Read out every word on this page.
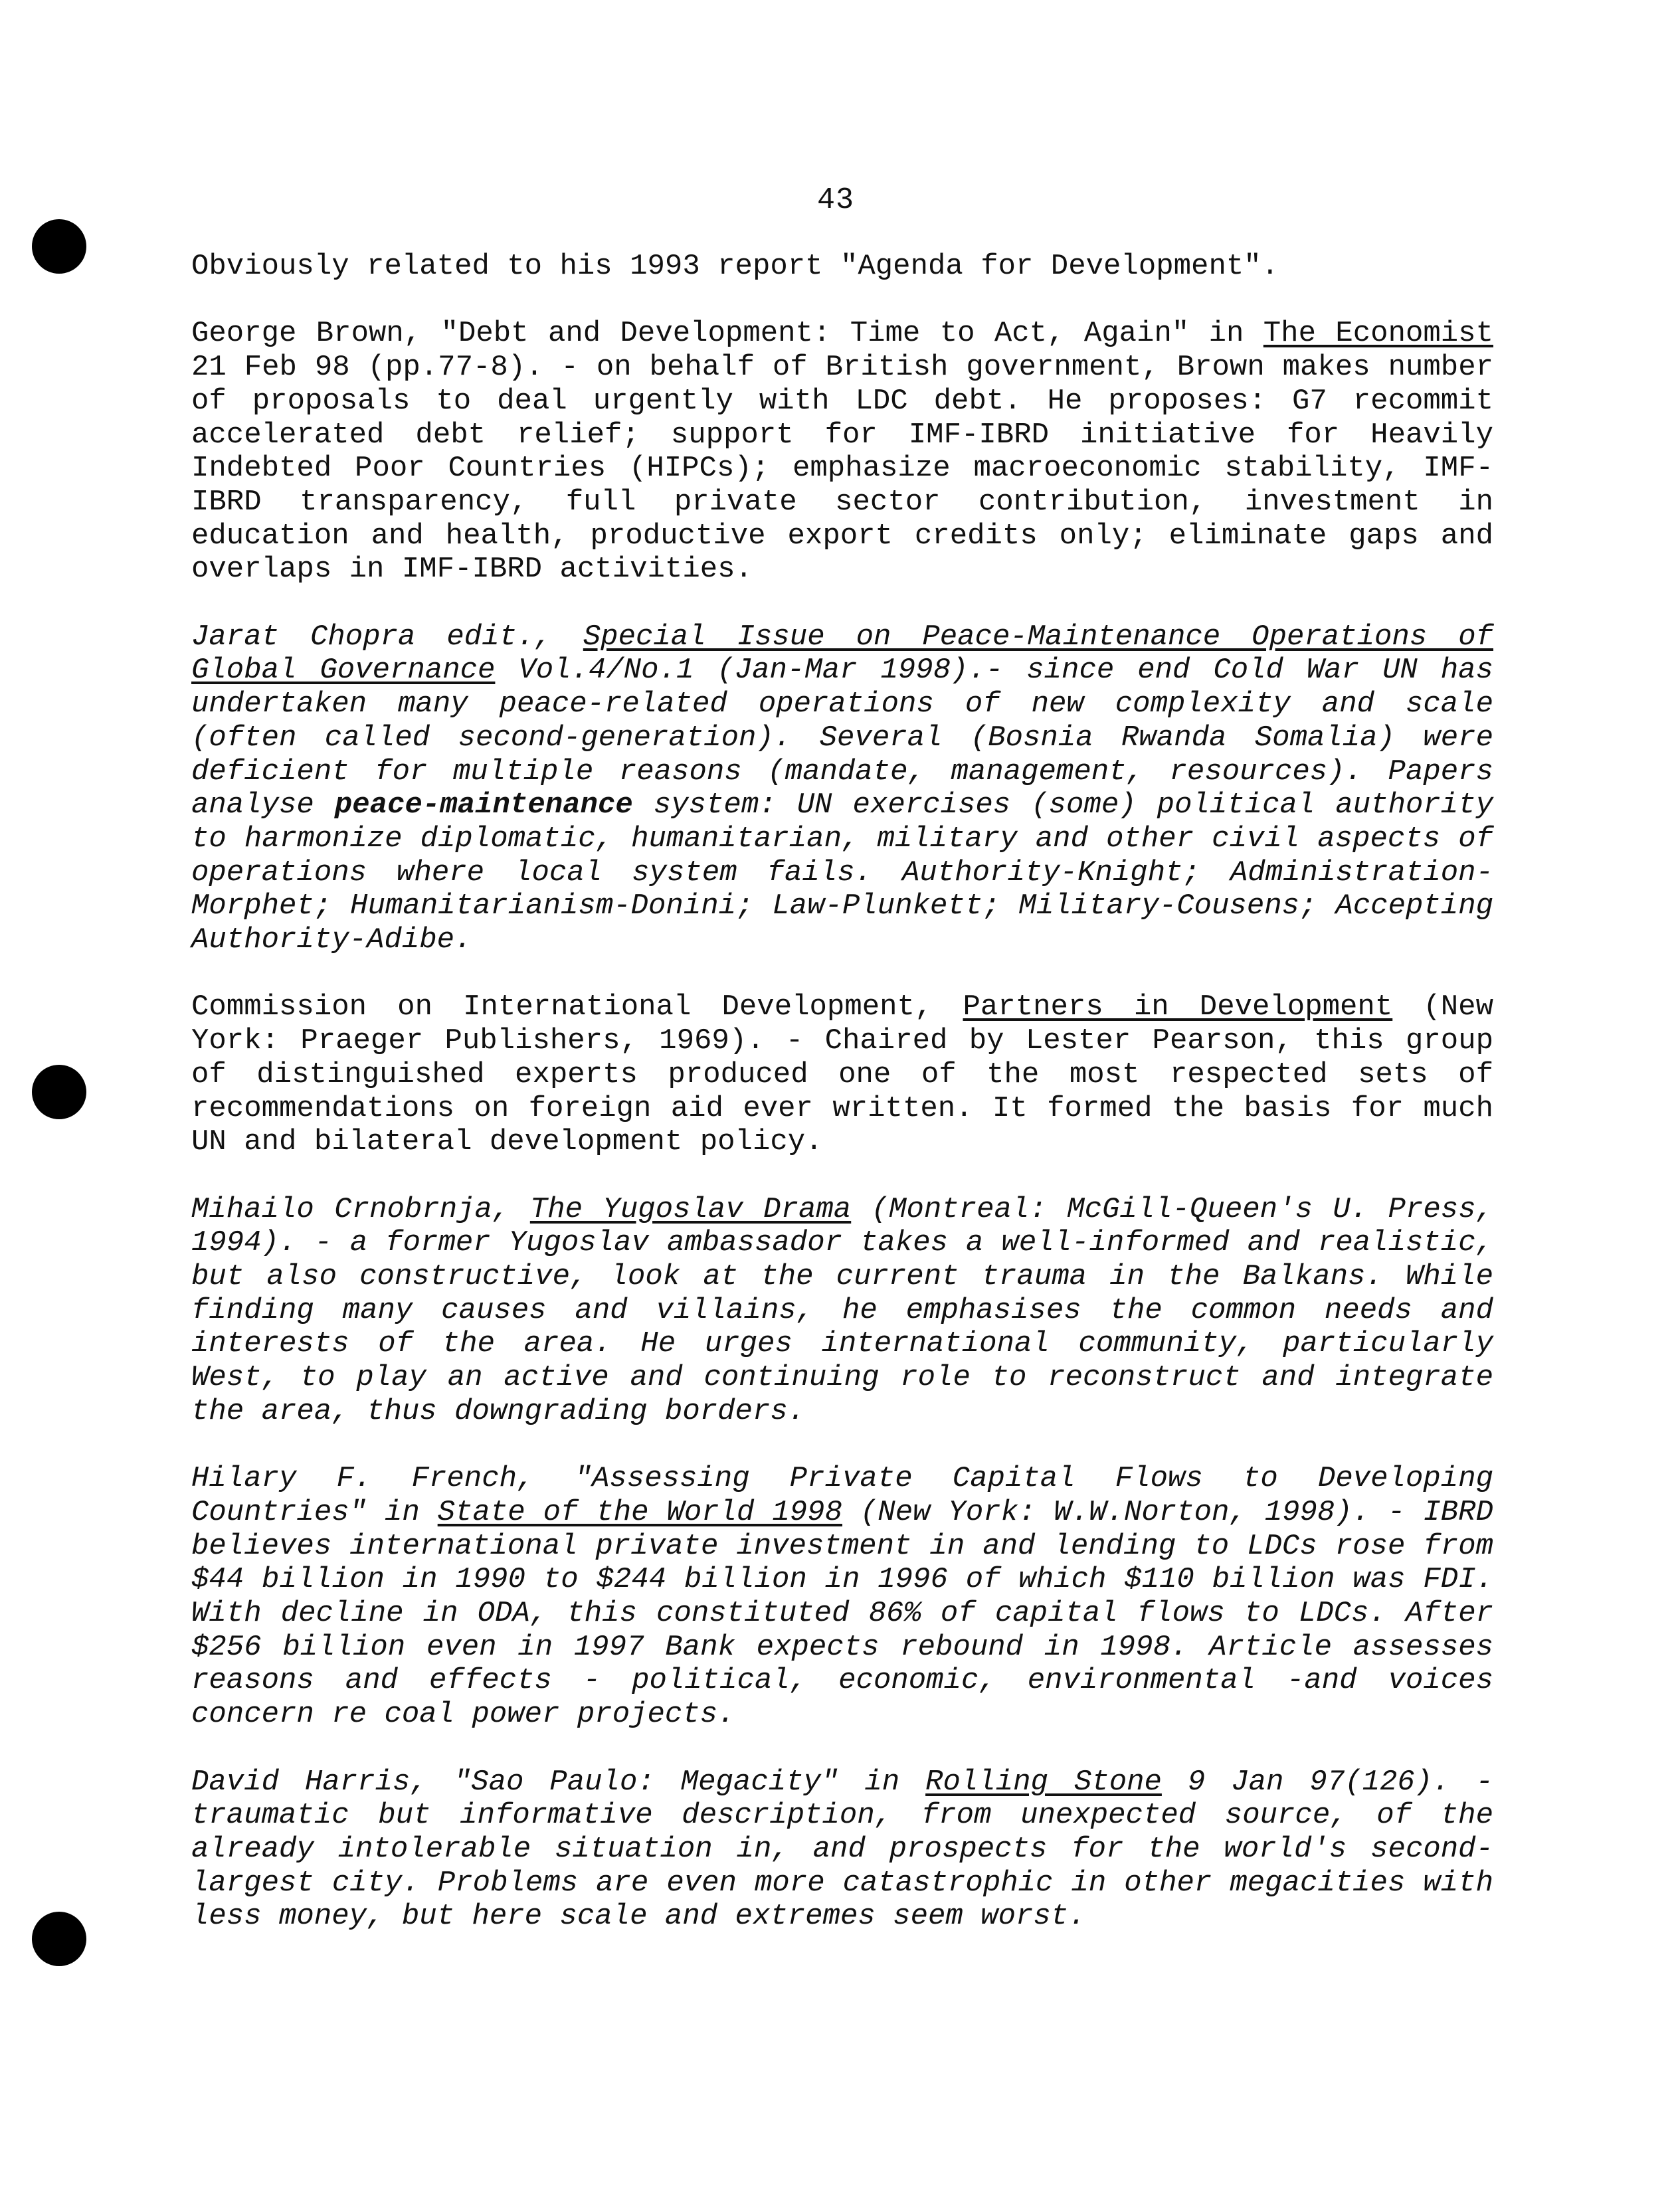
43

Obviously related to his 1993 report "Agenda for Development".

George Brown, "Debt and Development: Time to Act, Again" in The Economist 21 Feb 98 (pp.77-8). - on behalf of British government, Brown makes number of proposals to deal urgently with LDC debt. He proposes: G7 recommit accelerated debt relief; support for IMF-IBRD initiative for Heavily Indebted Poor Countries (HIPCs); emphasize macroeconomic stability, IMF-IBRD transparency, full private sector contribution, investment in education and health, productive export credits only; eliminate gaps and overlaps in IMF-IBRD activities.

Jarat Chopra edit., Special Issue on Peace-Maintenance Operations of Global Governance Vol.4/No.1 (Jan-Mar 1998).- since end Cold War UN has undertaken many peace-related operations of new complexity and scale (often called second-generation). Several (Bosnia Rwanda Somalia) were deficient for multiple reasons (mandate, management, resources). Papers analyse peace-maintenance system: UN exercises (some) political authority to harmonize diplomatic, humanitarian, military and other civil aspects of operations where local system fails. Authority-Knight; Administration-Morphet; Humanitarianism-Donini; Law-Plunkett; Military-Cousens; Accepting Authority-Adibe.

Commission on International Development, Partners in Development (New York: Praeger Publishers, 1969). - Chaired by Lester Pearson, this group of distinguished experts produced one of the most respected sets of recommendations on foreign aid ever written. It formed the basis for much UN and bilateral development policy.

Mihailo Crnobrnja, The Yugoslav Drama (Montreal: McGill-Queen's U. Press, 1994). - a former Yugoslav ambassador takes a well-informed and realistic, but also constructive, look at the current trauma in the Balkans. While finding many causes and villains, he emphasises the common needs and interests of the area. He urges international community, particularly West, to play an active and continuing role to reconstruct and integrate the area, thus downgrading borders.

Hilary F. French, "Assessing Private Capital Flows to Developing Countries" in State of the World 1998 (New York: W.W.Norton, 1998). - IBRD believes international private investment in and lending to LDCs rose from $44 billion in 1990 to $244 billion in 1996 of which $110 billion was FDI. With decline in ODA, this constituted 86% of capital flows to LDCs. After $256 billion even in 1997 Bank expects rebound in 1998. Article assesses reasons and effects - political, economic, environmental -and voices concern re coal power projects.

David Harris, "Sao Paulo: Megacity" in Rolling Stone 9 Jan 97(126). - traumatic but informative description, from unexpected source, of the already intolerable situation in, and prospects for the world's second-largest city. Problems are even more catastrophic in other megacities with less money, but here scale and extremes seem worst.
